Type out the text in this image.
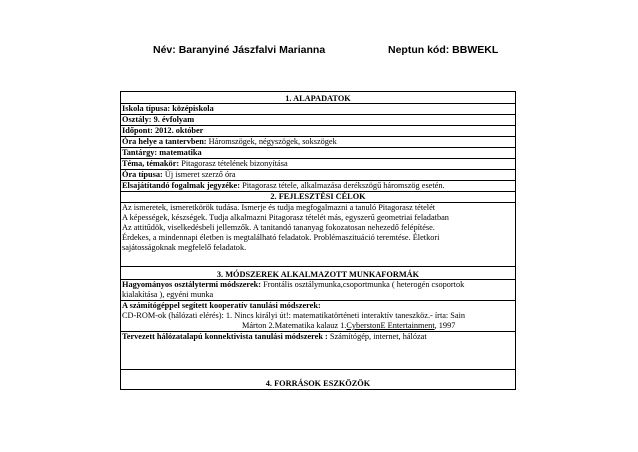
Név: Baranyiné Jászfalvi Marianna	Neptun kód: BBWEKL
1. ALAPADATOK
Iskola típusa: középiskola
Osztály: 9. évfolyam
Időpont: 2012. október
Óra helye a tantervben: Háromszögek, négyszögek, sokszögek
Tantárgy: matematika
Téma, témakör: Pitagorasz tételének bizonyítása
Óra típusa: Új ismeret szerző óra
Elsajátítandó fogalmak jegyzéke: Pitagorasz tétele, alkalmazása derékszögű háromszög esetén.
2. FEJLESZTÉSI CÉLOK
Az ismeretek, ismeretkörök tudása. Ismerje és tudja megfogalmazni a tanuló Pitagorasz tételét
A képességek, készségek. Tudja alkalmazni Pitagorasz tételét más, egyszerű geometriai feladatban
Az attitűdök, viselkedésbeli jellemzők. A tanitandó tananyag fokozatosan nehezedő felépítése.
Érdekes, a mindennapi életben is megtalálható feladatok. Problémaszituáció teremtése. Életkori
sajátosságoknak megfelelő feladatok.
3. MÓDSZEREK ALKALMAZOTT MUNKAFORMÁK
Hagyományos osztálytermi módszerek: Frontális osztálymunka,csoportmunka ( heterogén csoportok
kialakítása ), egyéni munka
A számítógéppel segített kooperatív tanulási módszerek:
CD-ROM-ok (hálózati elérés): 1. Nincs királyi út!: matematikatörténeti interaktív taneszköz.- írta: Sain
Márton 2.Matematika kalauz 1.CyberstonE Entertainment, 1997
Tervezett hálózatalapú konnektivista tanulási módszerek : Számítógép, internet, hálózat
4. FORRÁSOK ESZKÖZÖK
